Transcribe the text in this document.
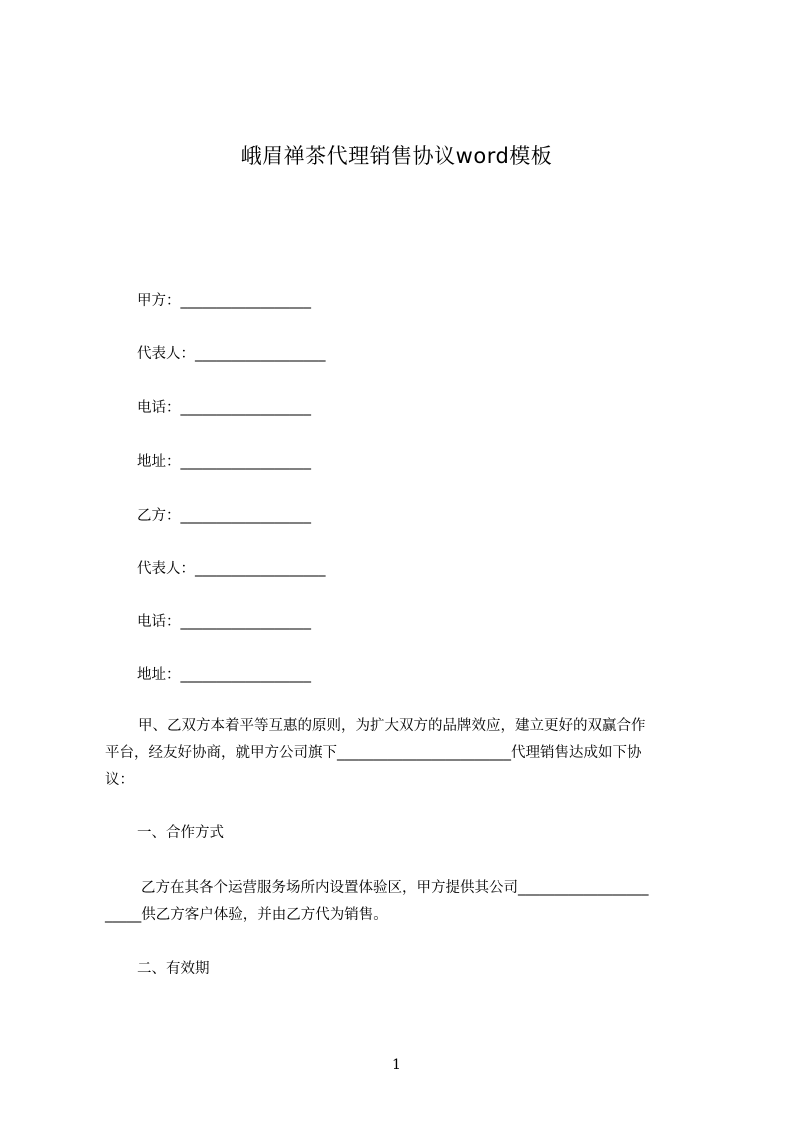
峨眉禅茶代理销售协议word模板
甲方：__________________
代表人：__________________
电话：__________________
地址：__________________
乙方：__________________
代表人：__________________
电话：__________________
地址：__________________
甲、乙双方本着平等互惠的原则，为扩大双方的品牌效应，建立更好的双赢合作
平台，经友好协商，就甲方公司旗下________________________代理销售达成如下协
议：
一、合作方式
乙方在其各个运营服务场所内设置体验区，甲方提供其公司__________________
_____供乙方客户体验，并由乙方代为销售。
二、有效期
1
